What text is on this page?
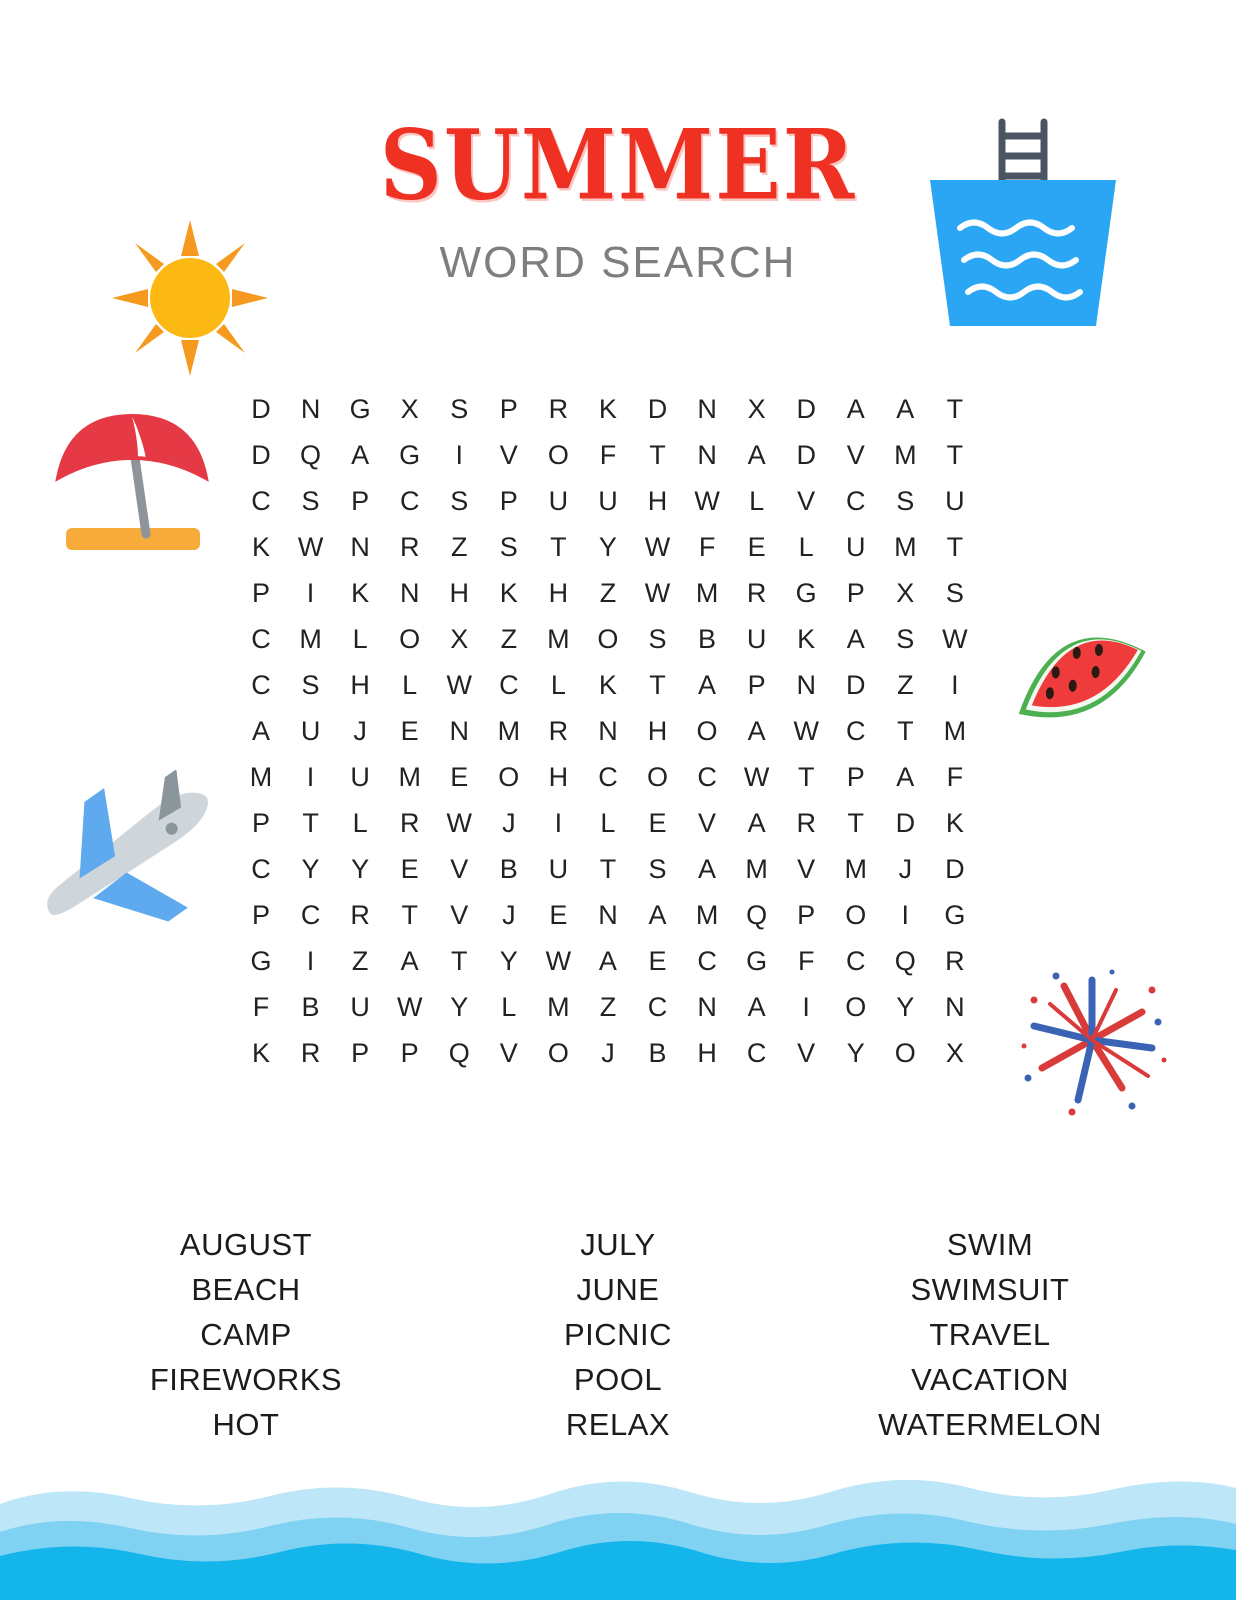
SUMMER
WORD SEARCH
D N G X S P R K D N X D A A T
D Q A G	I	V O F T N A D V M T
C S P C S P U U H W L V C S U
K W N R Z S T Y W F E L U M T
P	I	K N H K H Z W M R G P X S
C M L O X Z M O S B U K A S W
C S H L W C L K T A P N D Z	I
A U J E N M R N H O A W C T M
M	I	U M E O H C O C W T P A F
P T L R W J	I	L E V A R T D K
C Y Y E V B U T S A M V M J D
P C R T V J E N A M Q P O	I	G
G	I	Z A T Y W A E C G F C Q R
F B U W Y L M Z C N A	I	O Y N
K R P P Q V O J B H C V Y O X
AUGUST
BEACH
CAMP
FIREWORKS
HOT
JULY
JUNE
PICNIC
POOL
RELAX
SWIM
SWIMSUIT
TRAVEL
VACATION
WATERMELON
